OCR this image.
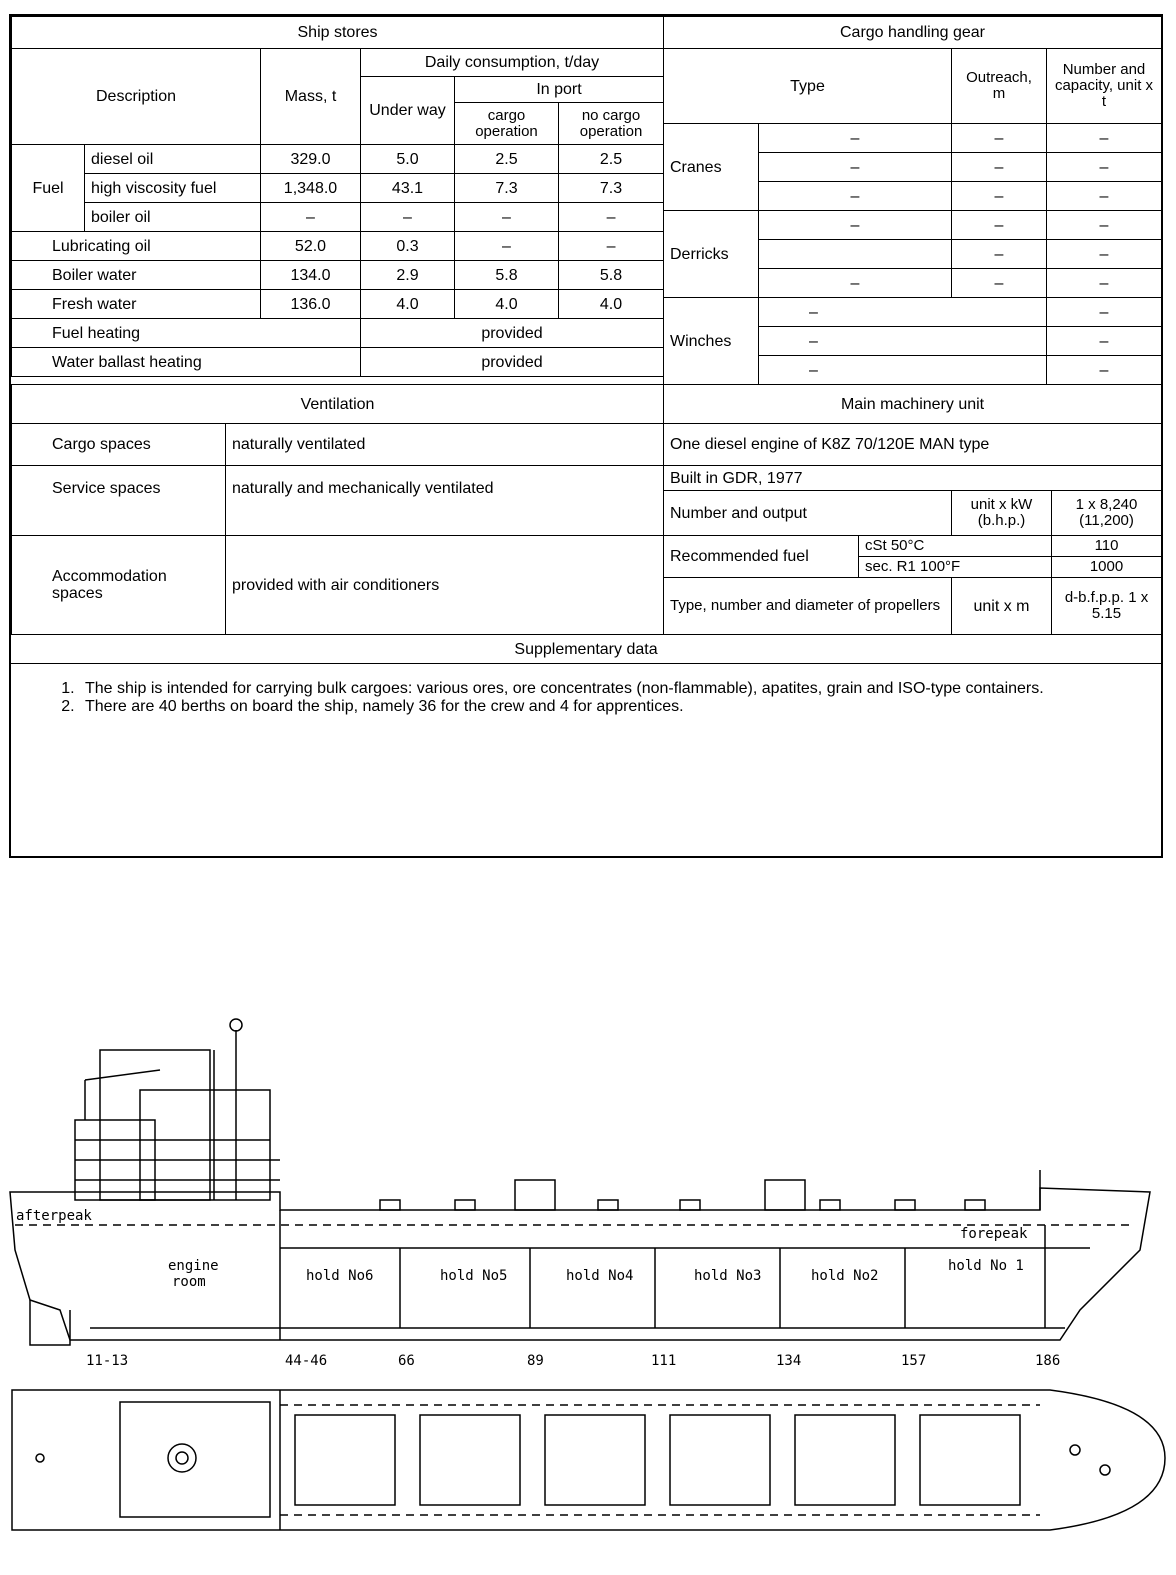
Ship stores					
Description		Mass, t	Daily consumption, t/day		
			Under way	In port	
				cargo operation	no cargo operation
Fuel	diesel oil	329.0	5.0	2.5	2.5
	high viscosity fuel	1,348.0	43.1	7.3	7.3
	boiler oil	–	–	–	–
Lubricating oil		52.0	0.3	–	–
Boiler water		134.0	2.9	5.8	5.8
Fresh water		136.0	4.0	4.0	4.0
Fuel heating			provided		
Water ballast heating			provided		
Cargo handling gear			
Type		Outreach, m	Number and capacity, unit x t
Cranes	–	–	–
	–	–	–
	–	–	–
Derricks	–	–	–
		–	–
	–	–	–
Winches	–		–
	–		–
	–		–
Ventilation	
Cargo spaces	naturally ventilated
Service spaces	naturally and mechanically ventilated
Accommodation spaces	provided with air conditioners
Main machinery unit			
One diesel engine of K8Z 70/120E MAN type			
Built in GDR, 1977			
Number and output		unit x kW (b.h.p.)	1 x 8,240 (11,200)
Recommended fuel	cSt 50°C		110
	sec. R1 100°F		1000
Type, number and diameter of propellers		unit x m	d-b.f.p.p. 1 x 5.15
Supplementary data
1. The ship is intended for carrying bulk cargoes: various ores, ore concentrates (non-flammable), apatites, grain and ISO-type containers.
2. There are 40 berths on board the ship, namely 36 for the crew and 4 for apprentices.
afterpeak
forepeak
engine
room	hold No6	hold No5	hold No4	hold No3	hold No2
hold No 1
11-13	44-46	66	89	111	134	157	186
